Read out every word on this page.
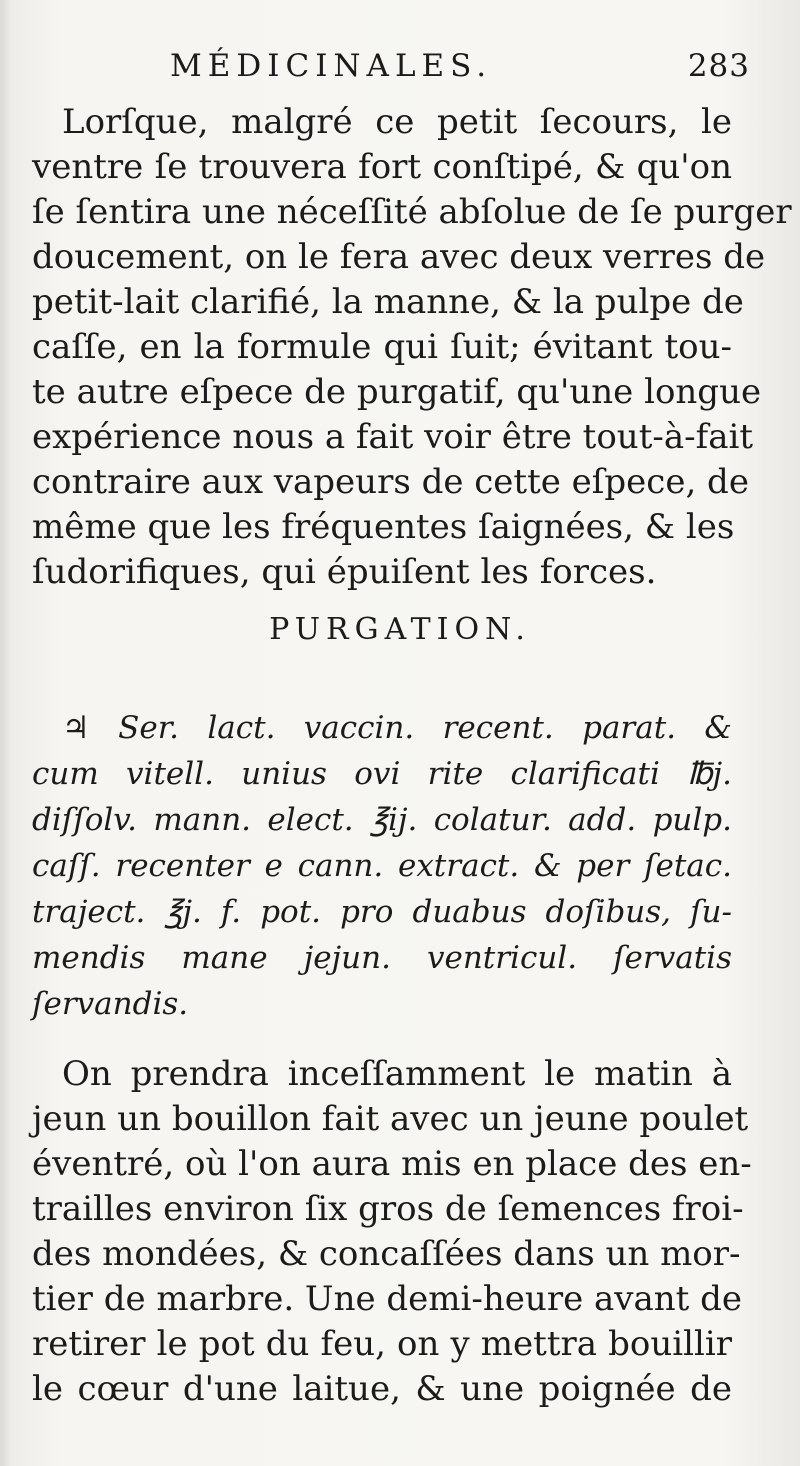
MÉDICINALES.	283
Lorſque, malgré ce petit ſecours, le
ventre ſe trouvera fort conſtipé, & qu'on
ſe ſentira une néceſſité abſolue de ſe purger
doucement, on le fera avec deux verres de
petit-lait clarifié, la manne, & la pulpe de
caſſe, en la formule qui ſuit; évitant tou-
te autre eſpece de purgatif, qu'une longue
expérience nous a fait voir être tout-à-fait
contraire aux vapeurs de cette eſpece, de
même que les fréquentes ſaignées, & les
ſudorifiques, qui épuiſent les forces.
PURGATION.
♃ Ser. lact. vaccin. recent. parat. &
cum vitell. unius ovi rite clarificati ℔j.
diſſolv. mann. elect. ℥ij. colatur. add. pulp.
caſſ. recenter e cann. extract. & per ſetac.
traject. ℥j. f. pot. pro duabus doſibus, ſu-
mendis mane jejun. ventricul. ſervatis
ſervandis.
On prendra inceſſamment le matin à
jeun un bouillon fait avec un jeune poulet
éventré, où l'on aura mis en place des en-
trailles environ ſix gros de ſemences froi-
des mondées, & concaſſées dans un mor-
tier de marbre. Une demi-heure avant de
retirer le pot du feu, on y mettra bouillir
le cœur d'une laitue, & une poignée de
